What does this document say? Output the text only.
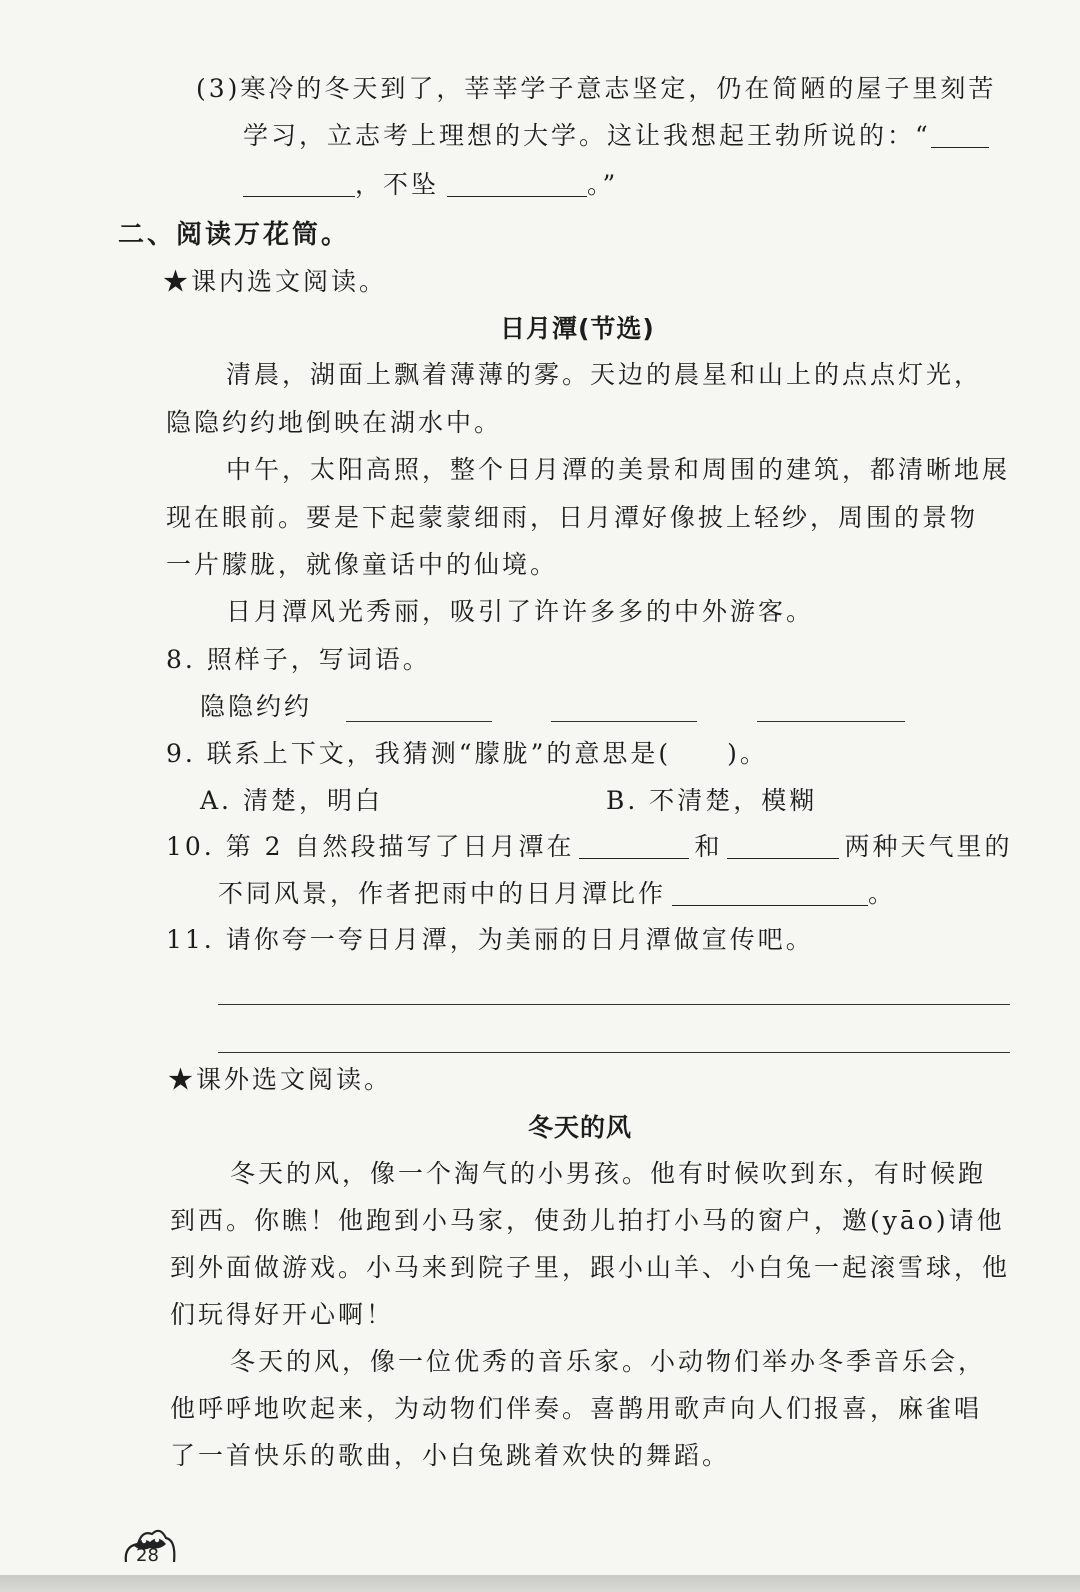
(3)寒冷的冬天到了，莘莘学子意志坚定，仍在简陋的屋子里刻苦
学习，立志考上理想的大学。这让我想起王勃所说的：“
，不坠	。”
二、阅读万花筒。
★课内选文阅读。
日月潭(节选)
清晨，湖面上飘着薄薄的雾。天边的晨星和山上的点点灯光，
隐隐约约地倒映在湖水中。
中午，太阳高照，整个日月潭的美景和周围的建筑，都清晰地展
现在眼前。要是下起蒙蒙细雨，日月潭好像披上轻纱，周围的景物
一片朦胧，就像童话中的仙境。
日月潭风光秀丽，吸引了许许多多的中外游客。
8. 照样子，写词语。
隐隐约约
9. 联系上下文，我猜测“朦胧”的意思是(　　)。
A. 清楚，明白	B. 不清楚，模糊
10. 第 2 自然段描写了日月潭在	和	两种天气里的
不同风景，作者把雨中的日月潭比作	。
11. 请你夸一夸日月潭，为美丽的日月潭做宣传吧。
★课外选文阅读。
冬天的风
冬天的风，像一个淘气的小男孩。他有时候吹到东，有时候跑
到西。你瞧！他跑到小马家，使劲儿拍打小马的窗户，邀(yāo)请他
到外面做游戏。小马来到院子里，跟小山羊、小白兔一起滚雪球，他
们玩得好开心啊！
冬天的风，像一位优秀的音乐家。小动物们举办冬季音乐会，
他呼呼地吹起来，为动物们伴奏。喜鹊用歌声向人们报喜，麻雀唱
了一首快乐的歌曲，小白兔跳着欢快的舞蹈。
28
